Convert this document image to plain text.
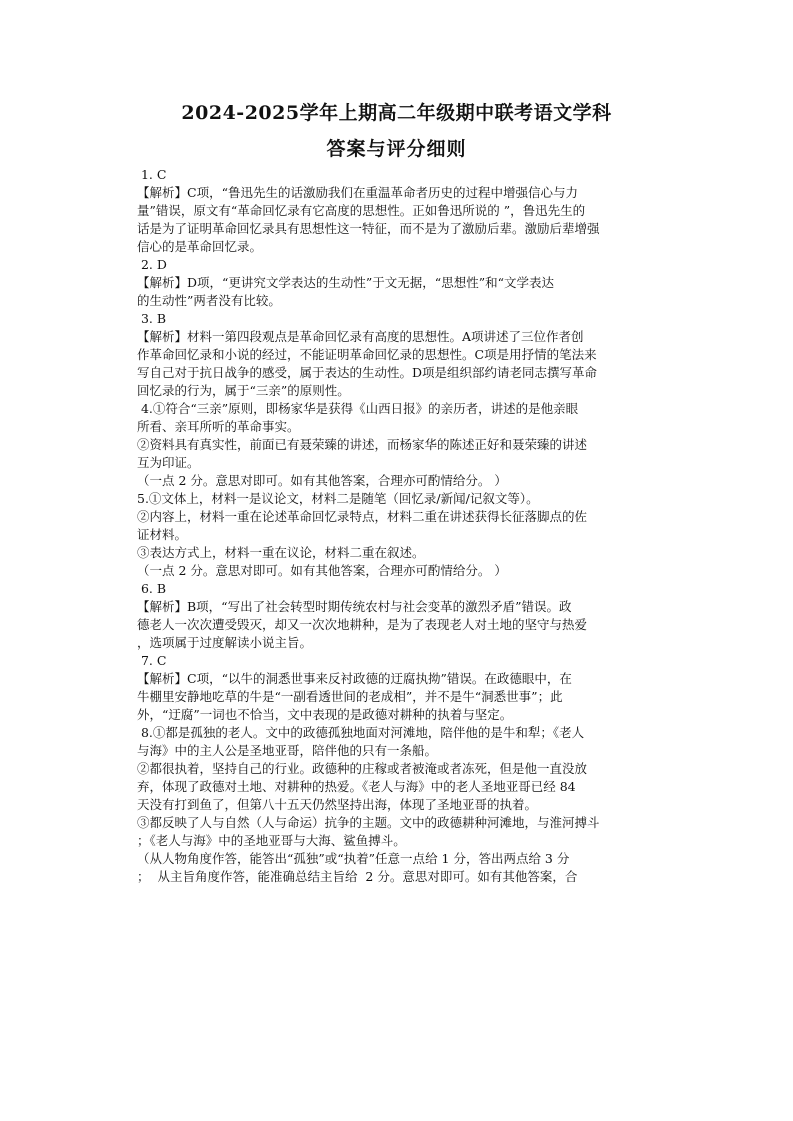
2024-2025学年上期高二年级期中联考语文学科
答案与评分细则
1. C
【解析】C项，“鲁迅先生的话激励我们在重温革命者历史的过程中增强信心与力
量”错误，原文有“革命回忆录有它高度的思想性。正如鲁迅所说的 ”，鲁迅先生的
话是为了证明革命回忆录具有思想性这一特征，而不是为了激励后辈。激励后辈增强
信心的是革命回忆录。
2. D
【解析】D项，“更讲究文学表达的生动性”于文无据，“思想性”和“文学表达
的生动性”两者没有比较。
3. B
【解析】材料一第四段观点是革命回忆录有高度的思想性。A项讲述了三位作者创
作革命回忆录和小说的经过，不能证明革命回忆录的思想性。C项是用抒情的笔法来
写自己对于抗日战争的感受，属于表达的生动性。D项是组织部约请老同志撰写革命
回忆录的行为，属于“三亲”的原则性。
4.①符合“三亲”原则，即杨家华是获得《山西日报》的亲历者，讲述的是他亲眼
所看、亲耳所听的革命事实。
②资料具有真实性，前面已有聂荣臻的讲述，而杨家华的陈述正好和聂荣臻的讲述
互为印证。
（一点 2 分。意思对即可。如有其他答案，合理亦可酌情给分。 ）
5.①文体上，材料一是议论文，材料二是随笔（回忆录/新闻/记叙文等）。
②内容上，材料一重在论述革命回忆录特点，材料二重在讲述获得长征落脚点的佐
证材料。
③表达方式上，材料一重在议论，材料二重在叙述。
（一点 2 分。意思对即可。如有其他答案，合理亦可酌情给分。 ）
6. B
【解析】B项，“写出了社会转型时期传统农村与社会变革的激烈矛盾”错误。政
德老人一次次遭受毁灭，却又一次次地耕种，是为了表现老人对土地的坚守与热爱
，选项属于过度解读小说主旨。
7. C
【解析】C项，“以牛的洞悉世事来反衬政德的迂腐执拗”错误。在政德眼中，在
牛棚里安静地吃草的牛是“一副看透世间的老成相”，并不是牛“洞悉世事”；此
外，“迂腐”一词也不恰当，文中表现的是政德对耕种的执着与坚定。
8.①都是孤独的老人。文中的政德孤独地面对河滩地，陪伴他的是牛和犁；《老人
与海》中的主人公是圣地亚哥，陪伴他的只有一条船。
②都很执着，坚持自己的行业。政德种的庄稼或者被淹或者冻死，但是他一直没放
弃，体现了政德对土地、对耕种的热爱。《老人与海》中的老人圣地亚哥已经 84
天没有打到鱼了，但第八十五天仍然坚持出海，体现了圣地亚哥的执着。
③都反映了人与自然（人与命运）抗争的主题。文中的政德耕种河滩地，与淮河搏斗
；《老人与海》中的圣地亚哥与大海、鲨鱼搏斗。
（从人物角度作答，能答出“孤独”或“执着”任意一点给 1 分，答出两点给 3 分
；  从主旨角度作答，能准确总结主旨给  2 分。意思对即可。如有其他答案，合
